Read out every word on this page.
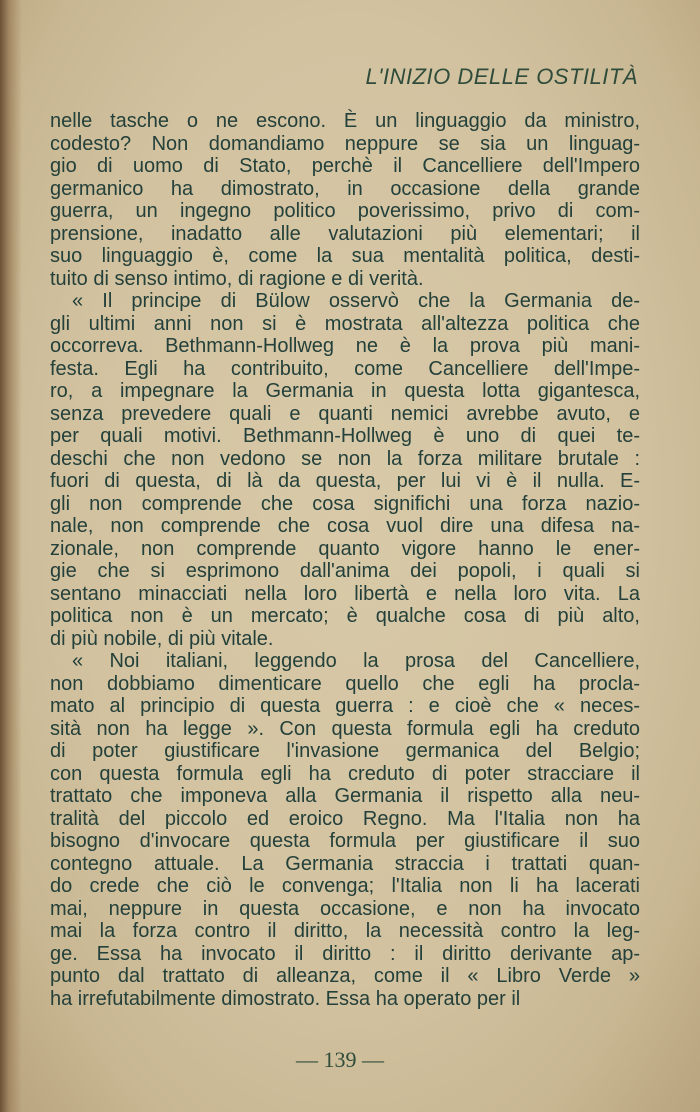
L'INIZIO DELLE OSTILITÀ
nelle tasche o ne escono. È un linguaggio da ministro,
codesto? Non domandiamo neppure se sia un linguag-
gio di uomo di Stato, perchè il Cancelliere dell'Impero
germanico ha dimostrato, in occasione della grande
guerra, un ingegno politico poverissimo, privo di com-
prensione, inadatto alle valutazioni più elementari; il
suo linguaggio è, come la sua mentalità politica, desti-
tuito di senso intimo, di ragione e di verità.
« Il principe di Bülow osservò che la Germania de-
gli ultimi anni non si è mostrata all'altezza politica che
occorreva. Bethmann-Hollweg ne è la prova più mani-
festa. Egli ha contribuito, come Cancelliere dell'Impe-
ro, a impegnare la Germania in questa lotta gigantesca,
senza prevedere quali e quanti nemici avrebbe avuto, e
per quali motivi. Bethmann-Hollweg è uno di quei te-
deschi che non vedono se non la forza militare brutale :
fuori di questa, di là da questa, per lui vi è il nulla. E-
gli non comprende che cosa significhi una forza nazio-
nale, non comprende che cosa vuol dire una difesa na-
zionale, non comprende quanto vigore hanno le ener-
gie che si esprimono dall'anima dei popoli, i quali si
sentano minacciati nella loro libertà e nella loro vita. La
politica non è un mercato; è qualche cosa di più alto,
di più nobile, di più vitale.
« Noi italiani, leggendo la prosa del Cancelliere,
non dobbiamo dimenticare quello che egli ha procla-
mato al principio di questa guerra : e cioè che « neces-
sità non ha legge ». Con questa formula egli ha creduto
di poter giustificare l'invasione germanica del Belgio;
con questa formula egli ha creduto di poter stracciare il
trattato che imponeva alla Germania il rispetto alla neu-
tralità del piccolo ed eroico Regno. Ma l'Italia non ha
bisogno d'invocare questa formula per giustificare il suo
contegno attuale. La Germania straccia i trattati quan-
do crede che ciò le convenga; l'Italia non li ha lacerati
mai, neppure in questa occasione, e non ha invocato
mai la forza contro il diritto, la necessità contro la leg-
ge. Essa ha invocato il diritto : il diritto derivante ap-
punto dal trattato di alleanza, come il « Libro Verde »
ha irrefutabilmente dimostrato. Essa ha operato per il
— 139 —
